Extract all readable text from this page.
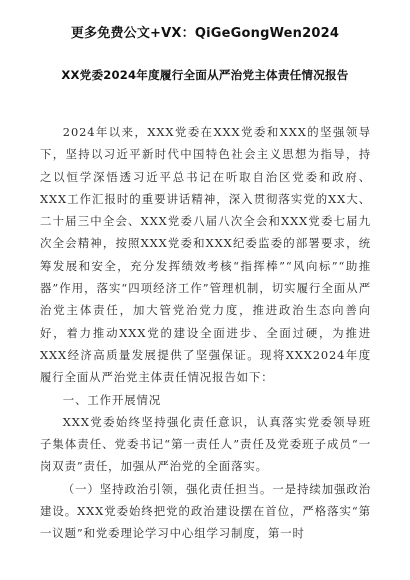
更多免费公文+VX：QiGeGongWen2024
XX党委2024年度履行全面从严治党主体责任情况报告

2024年以来，XXX党委在XXX党委和XXX的坚强领导下，坚持以习近平新时代中国特色社会主义思想为指导，持之以恒学深悟透习近平总书记在听取自治区党委和政府、XXX工作汇报时的重要讲话精神，深入贯彻落实党的XX大、二十届三中全会、XXX党委八届八次全会和XXX党委七届九次全会精神，按照XXX党委和XXX纪委监委的部署要求，统筹发展和安全，充分发挥绩效考核“指挥棒”“风向标”“助推器”作用，落实“四项经济工作”管理机制，切实履行全面从严治党主体责任，加大管党治党力度，推进政治生态向善向好，着力推动XXX党的建设全面进步、全面过硬，为推进XXX经济高质量发展提供了坚强保证。现将XXX2024年度履行全面从严治党主体责任情况报告如下：

一、工作开展情况

XXX党委始终坚持强化责任意识，认真落实党委领导班子集体责任、党委书记“第一责任人”责任及党委班子成员“一岗双责”责任，加强从严治党的全面落实。

（一）坚持政治引领，强化责任担当。一是持续加强政治建设。XXX党委始终把党的政治建设摆在首位，严格落实“第一议题”和党委理论学习中心组学习制度，第一时
